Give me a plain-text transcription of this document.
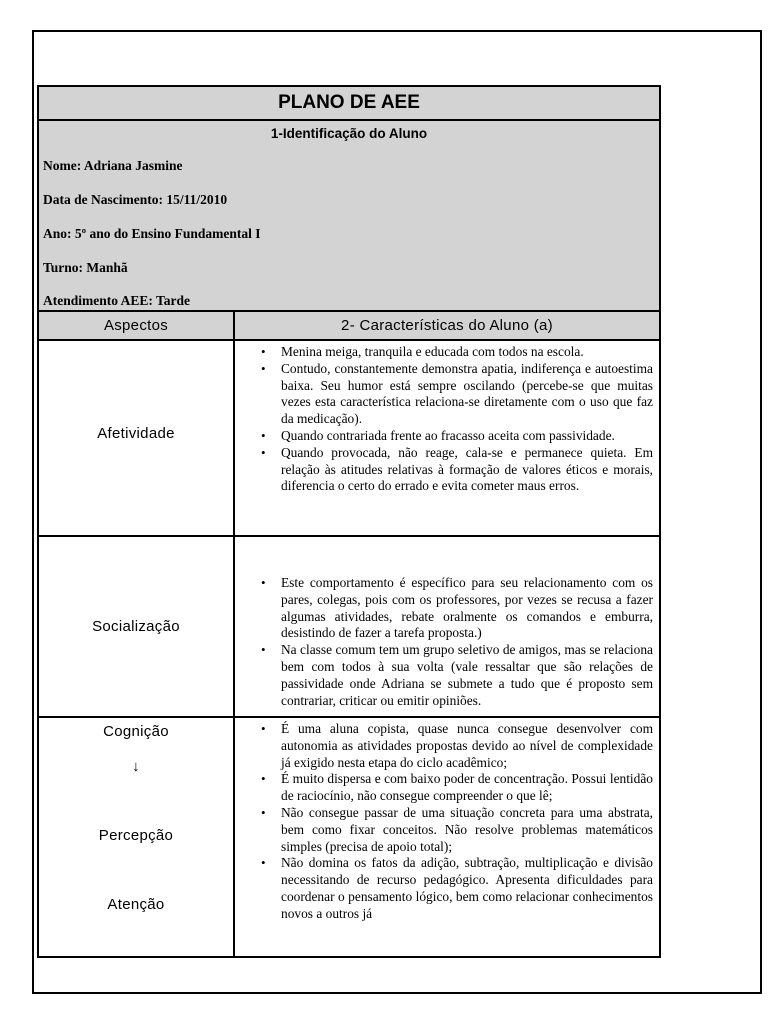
PLANO DE AEE
1-Identificação do Aluno
Nome: Adriana Jasmine
Data de Nascimento: 15/11/2010
Ano: 5º ano do Ensino Fundamental I
Turno: Manhã
Atendimento AEE: Tarde
Aspectos	2- Características do Aluno (a)
Afetividade
• Menina meiga, tranquila e educada com todos na escola.
• Contudo, constantemente demonstra apatia, indiferença e autoestima baixa. Seu humor está sempre oscilando (percebe-se que muitas vezes esta característica relaciona-se diretamente com o uso que faz da medicação).
• Quando contrariada frente ao fracasso aceita com passividade.
• Quando provocada, não reage, cala-se e permanece quieta. Em relação às atitudes relativas à formação de valores éticos e morais, diferencia o certo do errado e evita cometer maus erros.
Socialização
• Este comportamento é específico para seu relacionamento com os pares, colegas, pois com os professores, por vezes se recusa a fazer algumas atividades, rebate oralmente os comandos e emburra, desistindo de fazer a tarefa proposta.)
• Na classe comum tem um grupo seletivo de amigos, mas se relaciona bem com todos à sua volta (vale ressaltar que são relações de passividade onde Adriana se submete a tudo que é proposto sem contrariar, criticar ou emitir opiniões.
Cognição
↓
Percepção
Atenção
• É uma aluna copista, quase nunca consegue desenvolver com autonomia as atividades propostas devido ao nível de complexidade já exigido nesta etapa do ciclo acadêmico;
• É muito dispersa e com baixo poder de concentração. Possui lentidão de raciocínio, não consegue compreender o que lê;
• Não consegue passar de uma situação concreta para uma abstrata, bem como fixar conceitos. Não resolve problemas matemáticos simples (precisa de apoio total);
• Não domina os fatos da adição, subtração, multiplicação e divisão necessitando de recurso pedagógico. Apresenta dificuldades para coordenar o pensamento lógico, bem como relacionar conhecimentos novos a outros já
